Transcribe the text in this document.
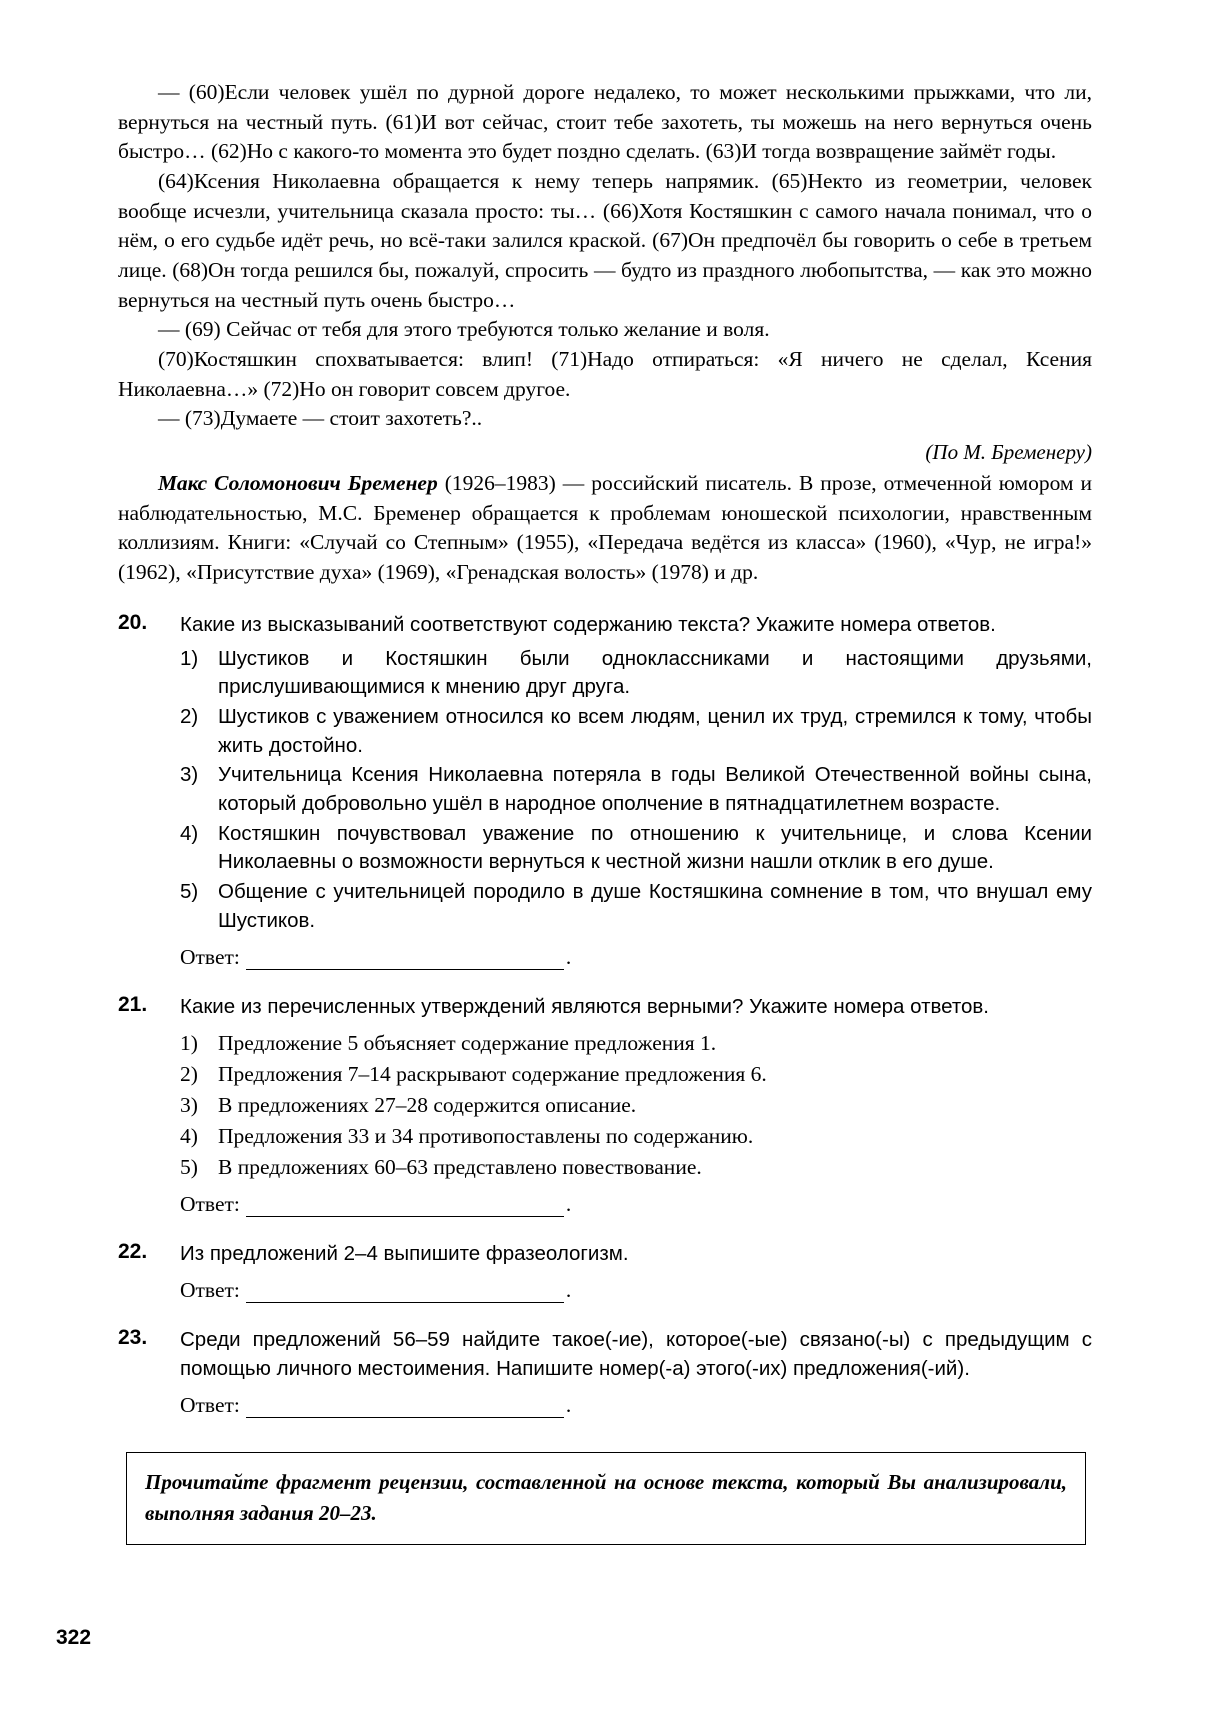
— (60)Если человек ушёл по дурной дороге недалеко, то может несколькими прыжками, что ли, вернуться на честный путь. (61)И вот сейчас, стоит тебе захотеть, ты можешь на него вернуться очень быстро… (62)Но с какого-то момента это будет поздно сделать. (63)И тогда возвращение займёт годы.

(64)Ксения Николаевна обращается к нему теперь напрямик. (65)Некто из геометрии, человек вообще исчезли, учительница сказала просто: ты… (66)Хотя Костяшкин с самого начала понимал, что о нём, о его судьбе идёт речь, но всё-таки залился краской. (67)Он предпочёл бы говорить о себе в третьем лице. (68)Он тогда решился бы, пожалуй, спросить — будто из праздного любопытства, — как это можно вернуться на честный путь очень быстро…

— (69) Сейчас от тебя для этого требуются только желание и воля.

(70)Костяшкин спохватывается: влип! (71)Надо отпираться: «Я ничего не сделал, Ксения Николаевна…» (72)Но он говорит совсем другое.

— (73)Думаете — стоит захотеть?..

(По М. Бременеру)
Макс Соломонович Бременер (1926–1983) — российский писатель. В прозе, отмеченной юмором и наблюдательностью, М.С. Бременер обращается к проблемам юношеской психологии, нравственным коллизиям. Книги: «Случай со Степным» (1955), «Передача ведётся из класса» (1960), «Чур, не игра!» (1962), «Присутствие духа» (1969), «Гренадская волость» (1978) и др.
20.	Какие из высказываний соответствуют содержанию текста? Укажите номера ответов.
1) Шустиков и Костяшкин были одноклассниками и настоящими друзьями, прислушивающимися к мнению друг друга.
2) Шустиков с уважением относился ко всем людям, ценил их труд, стремился к тому, чтобы жить достойно.
3) Учительница Ксения Николаевна потеряла в годы Великой Отечественной войны сына, который добровольно ушёл в народное ополчение в пятнадцатилетнем возрасте.
4) Костяшкин почувствовал уважение по отношению к учительнице, и слова Ксении Николаевны о возможности вернуться к честной жизни нашли отклик в его душе.
5) Общение с учительницей породило в душе Костяшкина сомнение в том, что внушал ему Шустиков.
Ответ:	.
21.	Какие из перечисленных утверждений являются верными? Укажите номера ответов.
1) Предложение 5 объясняет содержание предложения 1.
2) Предложения 7–14 раскрывают содержание предложения 6.
3) В предложениях 27–28 содержится описание.
4) Предложения 33 и 34 противопоставлены по содержанию.
5) В предложениях 60–63 представлено повествование.
Ответ:	.
22.	Из предложений 2–4 выпишите фразеологизм.
Ответ:	.
23.	Среди предложений 56–59 найдите такое(-ие), которое(-ые) связано(-ы) с предыдущим с помощью личного местоимения. Напишите номер(-а) этого(-их) предложения(-ий).
Ответ:	.
Прочитайте фрагмент рецензии, составленной на основе текста, который Вы анализировали, выполняя задания 20–23.
322
